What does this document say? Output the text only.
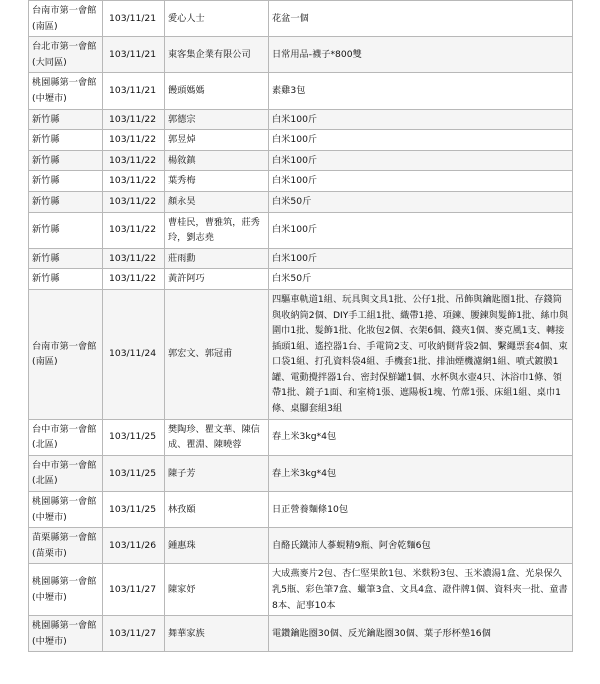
台南市第一會館(南區)	103/11/21	愛心人士	花盆一個
台北市第一會館(大同區)	103/11/21	東客集企業有限公司	日常用品-襪子*800雙
桃園縣第一會館(中壢市)	103/11/21	饅頭媽媽	素雞3包
新竹縣	103/11/22	郭德宗	白米100斤
新竹縣	103/11/22	郭昱焯	白米100斤
新竹縣	103/11/22	楊敘鎮	白米100斤
新竹縣	103/11/22	葉秀梅	白米100斤
新竹縣	103/11/22	顏永昊	白米50斤
新竹縣	103/11/22	曹桂民，曹雅筑，莊秀玲，劉志堯	白米100斤
新竹縣	103/11/22	莊雨勳	白米100斤
新竹縣	103/11/22	黃許阿巧	白米50斤
台南市第一會館(南區)	103/11/24	郭宏文、郭冠甫	四驅車軌道1組、玩具與文具1批、公仔1批、吊飾與鑰匙圈1批、存錢筒與收納筒2個、DIY手工組1批、織帶1捲、項鍊、腰鍊與髮飾1批、絲巾與圍巾1批、髮飾1批、化妝包2個、衣架6個、錢夾1個、麥克風1支、轉接插頭1組、遙控器1台、手電筒2支、可收納側背袋2個、繫繩票套4個、束口袋1組、打孔資料袋4組、手機套1批、排油煙機濾網1組、噴式鍍膜1罐、電動攪拌器1台、密封保鮮罐1個、水杯與水壺4只、沐浴巾1條、領帶1批、鏡子1面、和室椅1張、遮陽板1塊、竹蓆1張、床組1組、桌巾1條、桌腳套組3組
台中市第一會館(北區)	103/11/25	樊陶珍、瞿文華、陳信成、瞿淵、陳曉蓉	春上米3kg*4包
台中市第一會館(北區)	103/11/25	陳子芳	春上米3kg*4包
桃園縣第一會館(中壢市)	103/11/25	林孜頤	日正營養麵條10包
苗栗縣第一會館(苗栗市)	103/11/26	鍾惠珠	自酪氏鐵沛人蔘蜆精9瓶、阿舍乾麵6包
桃園縣第一會館(中壢市)	103/11/27	陳家妤	大成燕麥片2包、杏仁堅果飲1包、米麩粉3包、玉米濃湯1盒、光泉保久乳5瓶、彩色筆7盒、蠟筆3盒、文具4盒、證件牌1個、資料夾一批、童書8本、記事10本
桃園縣第一會館(中壢市)	103/11/27	舞華家族	電鑽鑰匙圈30個、反光鑰匙圈30個、葉子形杯墊16個
